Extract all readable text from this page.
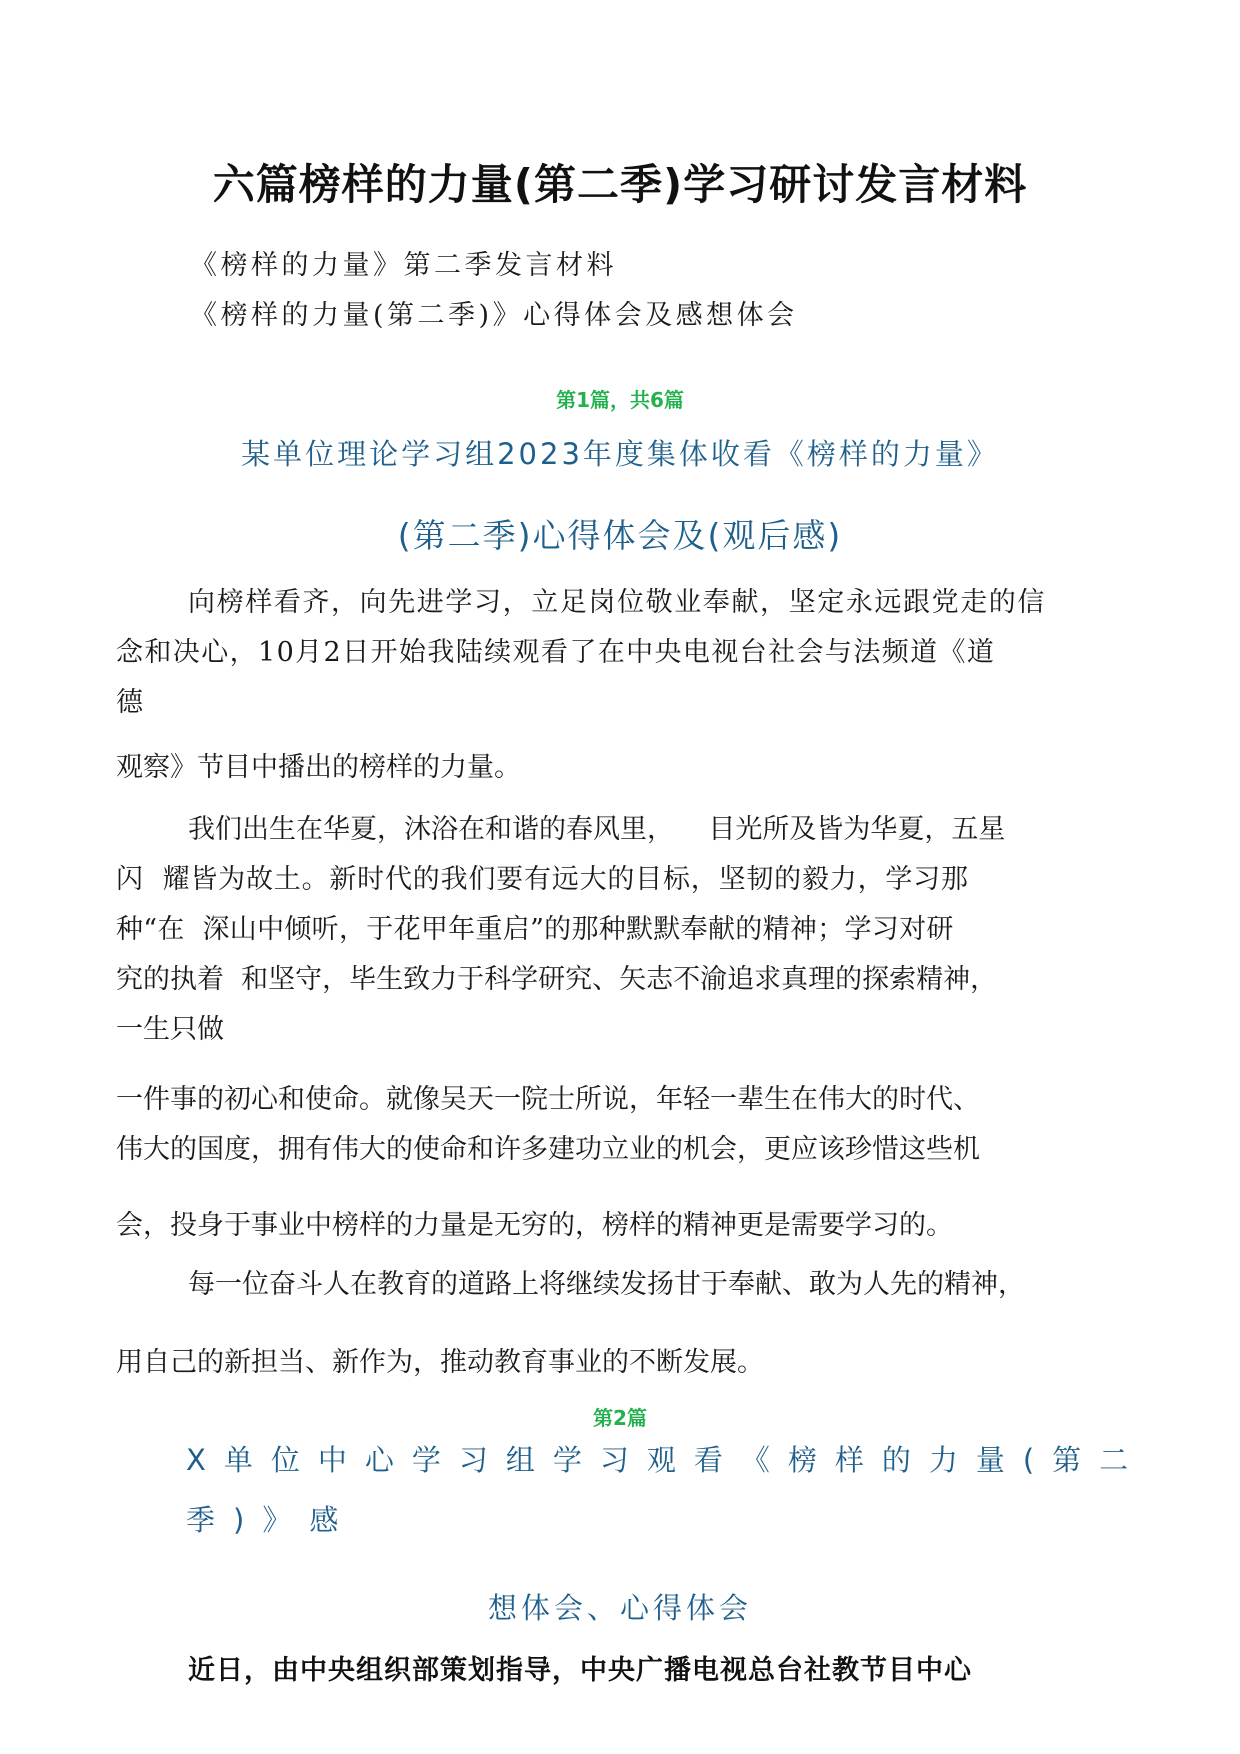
六篇榜样的力量(第二季)学习研讨发言材料
《榜样的力量》第二季发言材料
《榜样的力量(第二季)》心得体会及感想体会
第1篇，共6篇
某单位理论学习组2023年度集体收看《榜样的力量》
(第二季)心得体会及(观后感)
向榜样看齐，向先进学习，立足岗位敬业奉献，坚定永远跟党走的信
念和决心，10月2日开始我陆续观看了在中央电视台社会与法频道《道
德
观察》节目中播出的榜样的力量。
我们出生在华夏，沐浴在和谐的春风里，    目光所及皆为华夏，五星
闪  耀皆为故土。新时代的我们要有远大的目标，坚韧的毅力，学习那
种“在  深山中倾听，于花甲年重启”的那种默默奉献的精神；学习对研
究的执着  和坚守，毕生致力于科学研究、矢志不渝追求真理的探索精神，
一生只做
一件事的初心和使命。就像吴天一院士所说，年轻一辈生在伟大的时代、
伟大的国度，拥有伟大的使命和许多建功立业的机会，更应该珍惜这些机
会，投身于事业中榜样的力量是无穷的，榜样的精神更是需要学习的。
每一位奋斗人在教育的道路上将继续发扬甘于奉献、敢为人先的精神，
用自己的新担当、新作为，推动教育事业的不断发展。
第2篇
X单位中心学习组学习观看《榜样的力量(第二
季)》感
想体会、心得体会
近日，由中央组织部策划指导，中央广播电视总台社教节目中心
